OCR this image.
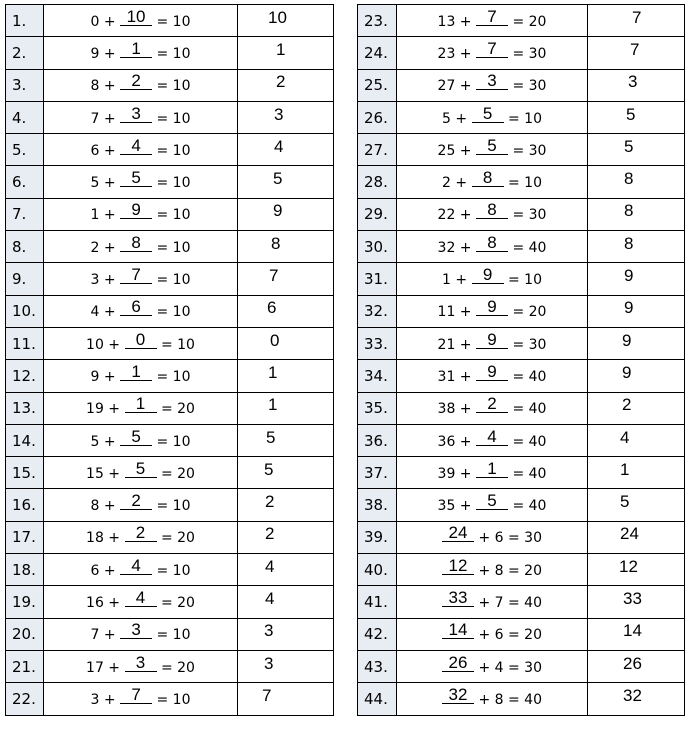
1.	0 + 10 = 10	10
2.	9 + 1 = 10	1
3.	8 + 2 = 10	2
4.	7 + 3 = 10	3
5.	6 + 4 = 10	4
6.	5 + 5 = 10	5
7.	1 + 9 = 10	9
8.	2 + 8 = 10	8
9.	3 + 7 = 10	7
10.	4 + 6 = 10	6
11.	10 + 0 = 10	0
12.	9 + 1 = 10	1
13.	19 + 1 = 20	1
14.	5 + 5 = 10	5
15.	15 + 5 = 20	5
16.	8 + 2 = 10	2
17.	18 + 2 = 20	2
18.	6 + 4 = 10	4
19.	16 + 4 = 20	4
20.	7 + 3 = 10	3
21.	17 + 3 = 20	3
22.	3 + 7 = 10	7
23.	13 + 7 = 20	7
24.	23 + 7 = 30	7
25.	27 + 3 = 30	3
26.	5 + 5 = 10	5
27.	25 + 5 = 30	5
28.	2 + 8 = 10	8
29.	22 + 8 = 30	8
30.	32 + 8 = 40	8
31.	1 + 9 = 10	9
32.	11 + 9 = 20	9
33.	21 + 9 = 30	9
34.	31 + 9 = 40	9
35.	38 + 2 = 40	2
36.	36 + 4 = 40	4
37.	39 + 1 = 40	1
38.	35 + 5 = 40	5
39.	24 + 6 = 30	24
40.	12 + 8 = 20	12
41.	33 + 7 = 40	33
42.	14 + 6 = 20	14
43.	26 + 4 = 30	26
44.	32 + 8 = 40	32
